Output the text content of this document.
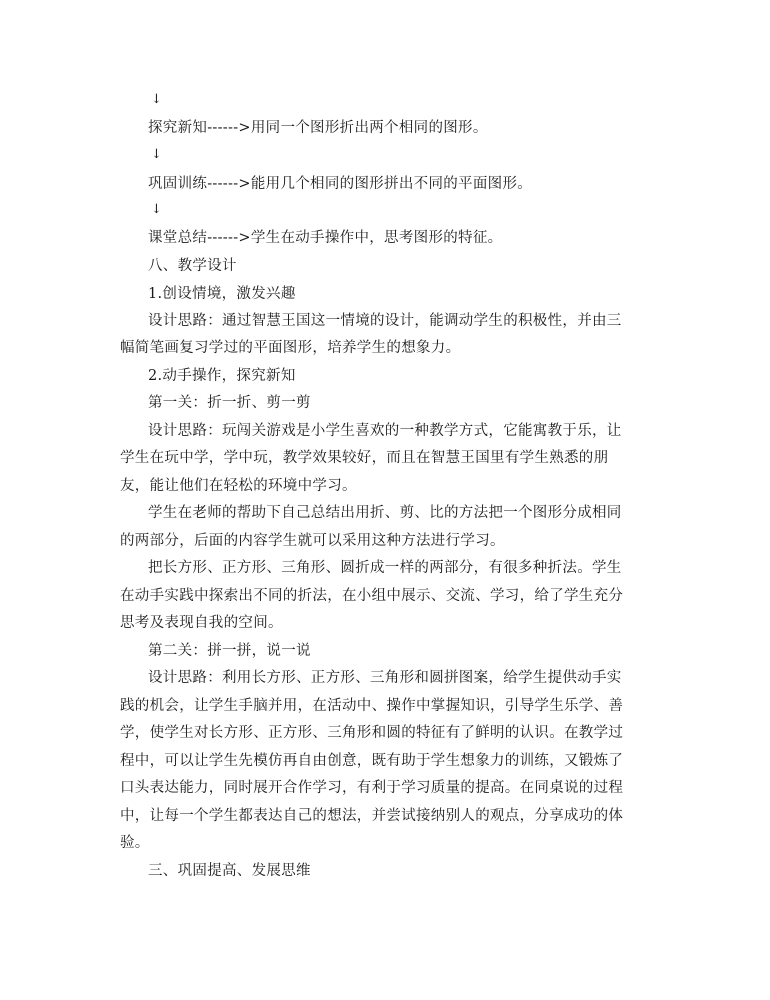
↓
探究新知------>用同一个图形折出两个相同的图形。
↓
巩固训练------>能用几个相同的图形拼出不同的平面图形。
↓
课堂总结------>学生在动手操作中，思考图形的特征。
八、教学设计
1.创设情境，激发兴趣
设计思路：通过智慧王国这一情境的设计，能调动学生的积极性，并由三
幅简笔画复习学过的平面图形，培养学生的想象力。
2.动手操作，探究新知
第一关：折一折、剪一剪
设计思路：玩闯关游戏是小学生喜欢的一种教学方式，它能寓教于乐，让
学生在玩中学，学中玩，教学效果较好，而且在智慧王国里有学生熟悉的朋
友，能让他们在轻松的环境中学习。
学生在老师的帮助下自己总结出用折、剪、比的方法把一个图形分成相同
的两部分，后面的内容学生就可以采用这种方法进行学习。
把长方形、正方形、三角形、圆折成一样的两部分，有很多种折法。学生
在动手实践中探索出不同的折法，在小组中展示、交流、学习，给了学生充分
思考及表现自我的空间。
第二关：拼一拼，说一说
设计思路：利用长方形、正方形、三角形和圆拼图案，给学生提供动手实
践的机会，让学生手脑并用，在活动中、操作中掌握知识，引导学生乐学、善
学，使学生对长方形、正方形、三角形和圆的特征有了鲜明的认识。在教学过
程中，可以让学生先模仿再自由创意，既有助于学生想象力的训练，又锻炼了
口头表达能力，同时展开合作学习，有利于学习质量的提高。在同桌说的过程
中，让每一个学生都表达自己的想法，并尝试接纳别人的观点，分享成功的体
验。
三、巩固提高、发展思维
